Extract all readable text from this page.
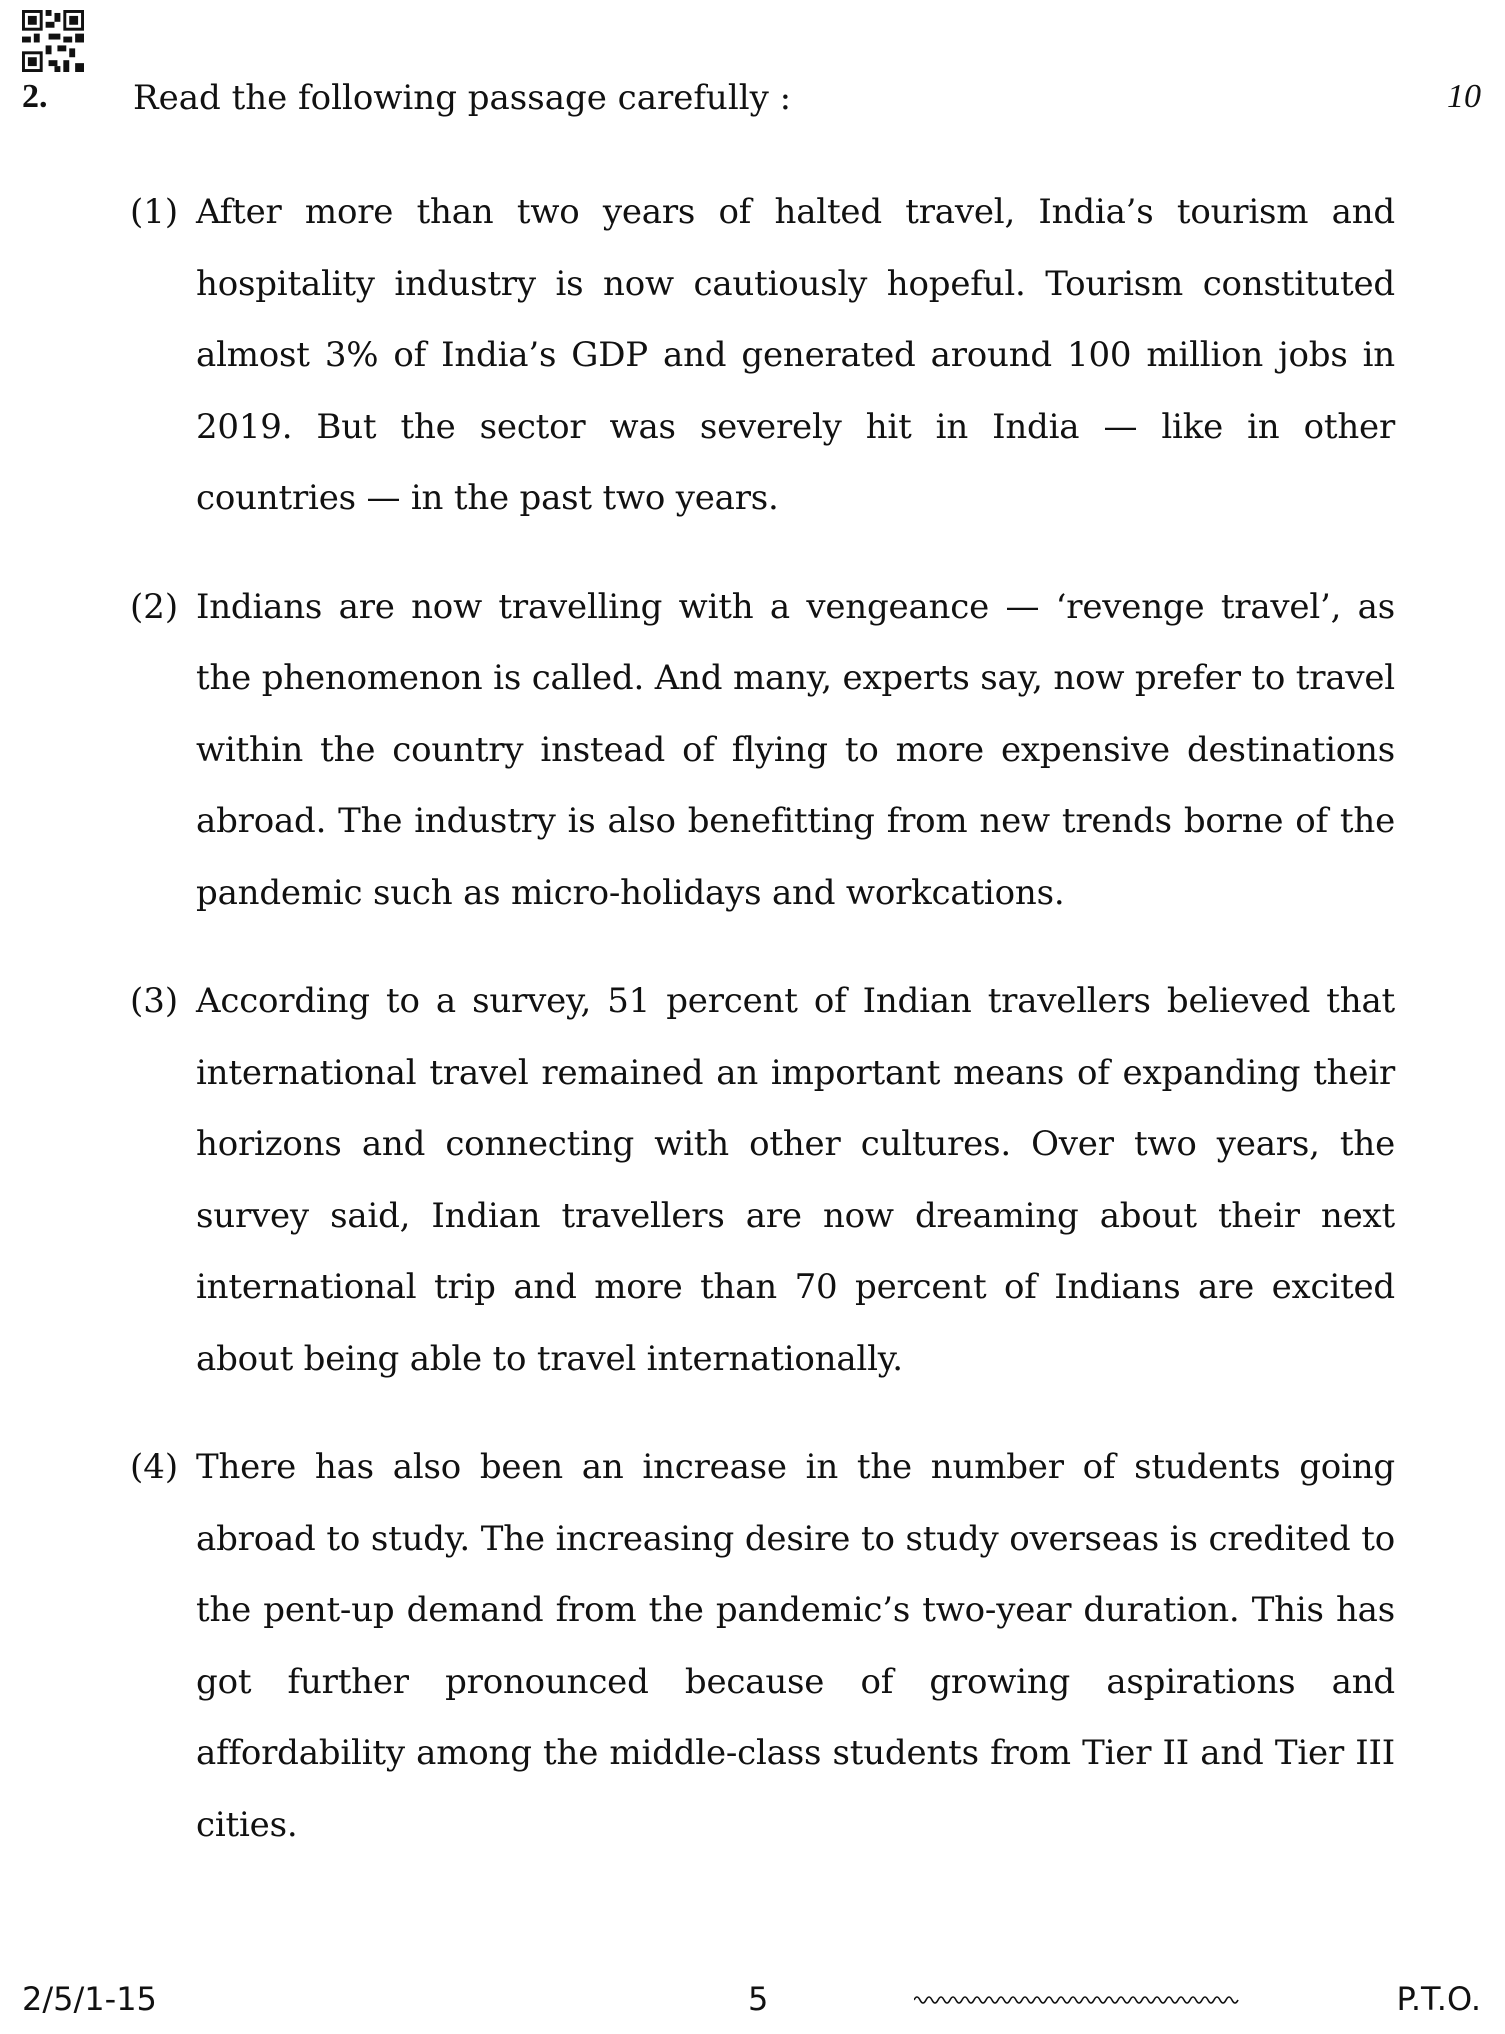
2.	Read the following passage carefully :	10
(1) After more than two years of halted travel, India’s tourism and hospitality industry is now cautiously hopeful. Tourism constituted almost 3% of India’s GDP and generated around 100 million jobs in 2019. But the sector was severely hit in India — like in other countries — in the past two years.
(2) Indians are now travelling with a vengeance — ‘revenge travel’, as the phenomenon is called. And many, experts say, now prefer to travel within the country instead of flying to more expensive destinations abroad. The industry is also benefitting from new trends borne of the pandemic such as micro-holidays and workcations.
(3) According to a survey, 51 percent of Indian travellers believed that international travel remained an important means of expanding their horizons and connecting with other cultures. Over two years, the survey said, Indian travellers are now dreaming about their next international trip and more than 70 percent of Indians are excited about being able to travel internationally.
(4) There has also been an increase in the number of students going abroad to study. The increasing desire to study overseas is credited to the pent-up demand from the pandemic’s two-year duration. This has got further pronounced because of growing aspirations and affordability among the middle-class students from Tier II and Tier III cities.
2/5/1-15	5	P.T.O.
